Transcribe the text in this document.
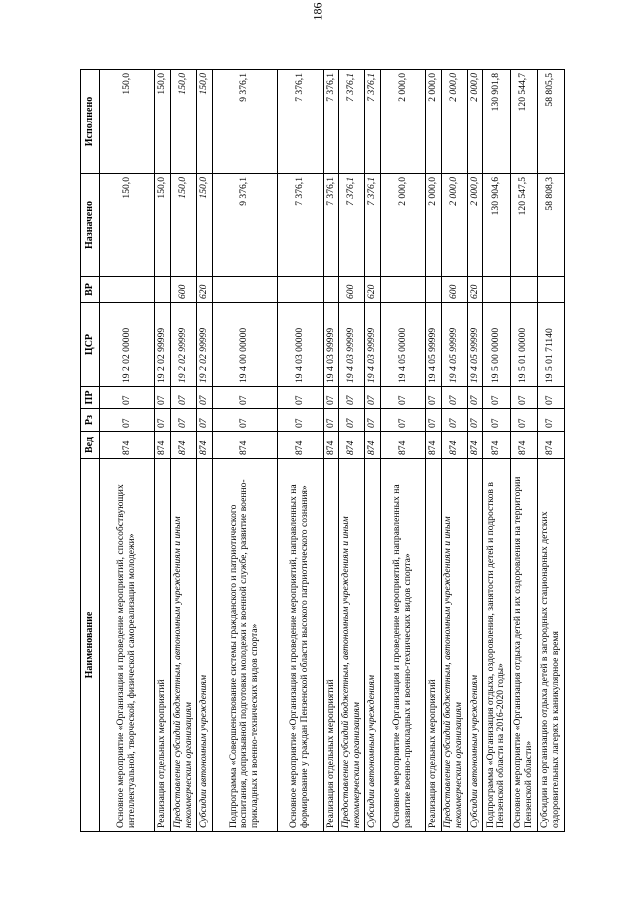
186
Наименование	Вед	Рз	ПР	ЦСР	ВР	Назначено	Исполнено
Основное мероприятие «Организация и проведение мероприятий, способствующих интеллектуальной, творческой, физической самореализации молодежи»	874	07	07	19 2 02 00000		150,0	150,0
Реализация отдельных мероприятий	874	07	07	19 2 02 99999		150,0	150,0
Предоставление субсидий бюджетным, автономным учреждениям и иным некоммерческим организациям	874	07	07	19 2 02 99999	600	150,0	150,0
Субсидии автономным учреждениям	874	07	07	19 2 02 99999	620	150,0	150,0
Подпрограмма «Совершенствование системы гражданского и патриотического воспитания, допризывной подготовки молодежи к военной службе, развитие военно-прикладных и военно-технических видов спорта»	874	07	07	19 4 00 00000		9 376,1	9 376,1
Основное мероприятие «Организация и проведение мероприятий, направленных на формирование у граждан Пензенской области высокого патриотического сознания»	874	07	07	19 4 03 00000		7 376,1	7 376,1
Реализация отдельных мероприятий	874	07	07	19 4 03 99999		7 376,1	7 376,1
Предоставление субсидий бюджетным, автономным учреждениям и иным некоммерческим организациям	874	07	07	19 4 03 99999	600	7 376,1	7 376,1
Субсидии автономным учреждениям	874	07	07	19 4 03 99999	620	7 376,1	7 376,1
Основное мероприятие «Организация и проведение мероприятий, направленных на развитие военно-прикладных и военно-технических видов спорта»	874	07	07	19 4 05 00000		2 000,0	2 000,0
Реализация отдельных мероприятий	874	07	07	19 4 05 99999		2 000,0	2 000,0
Предоставление субсидий бюджетным, автономным учреждениям и иным некоммерческим организациям	874	07	07	19 4 05 99999	600	2 000,0	2 000,0
Субсидии автономным учреждениям	874	07	07	19 4 05 99999	620	2 000,0	2 000,0
Подпрограмма «Организация отдыха, оздоровления, занятости детей и подростков в Пензенской области на 2016-2020 годы»	874	07	07	19 5 00 00000		130 904,6	130 901,8
Основное мероприятие «Организация отдыха детей и их оздоровления на территории Пензенской области»	874	07	07	19 5 01 00000		120 547,5	120 544,7
Субсидии на организацию отдыха детей в загородных стационарных детских оздоровительных лагерях в каникулярное время	874	07	07	19 5 01 71140		58 808,3	58 805,5
